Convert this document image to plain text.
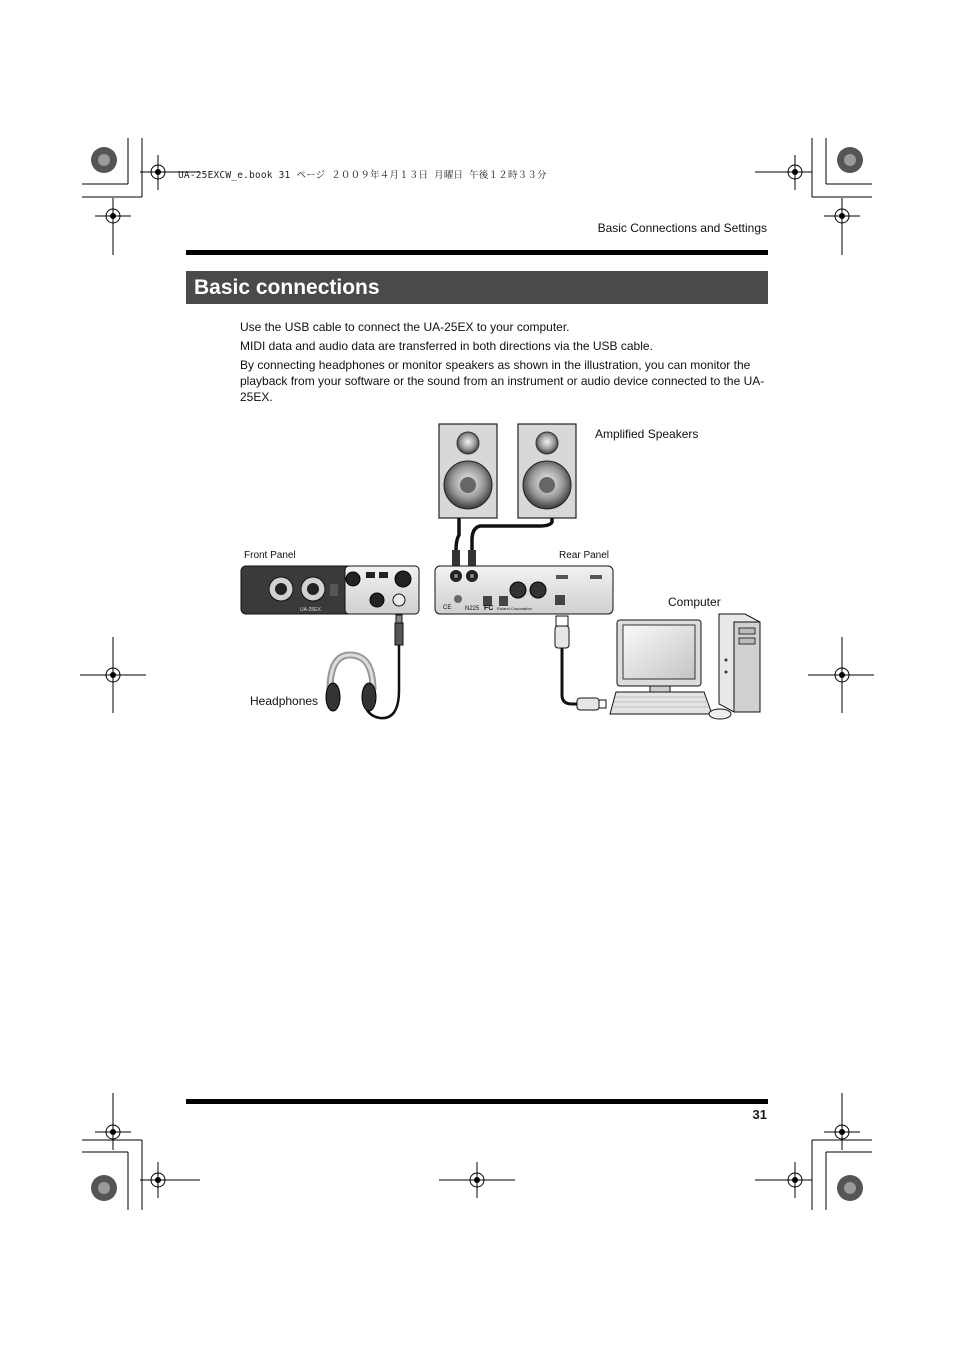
UA-25EXCW_e.book 31 ページ ２００９年４月１３日 月曜日 午後１２時３３分
Basic Connections and Settings
Basic connections

Use the USB cable to connect the UA-25EX to your computer.

MIDI data and audio data are transferred in both directions via the USB cable.

By connecting headphones or monitor speakers as shown in the illustration, you can monitor the playback from your software or the sound from an instrument or audio device connected to the UA-25EX.

UA-25EX	CE N225 FC Roland Corporation
Amplified Speakers
Front Panel	Rear Panel
Computer
Headphones
31
